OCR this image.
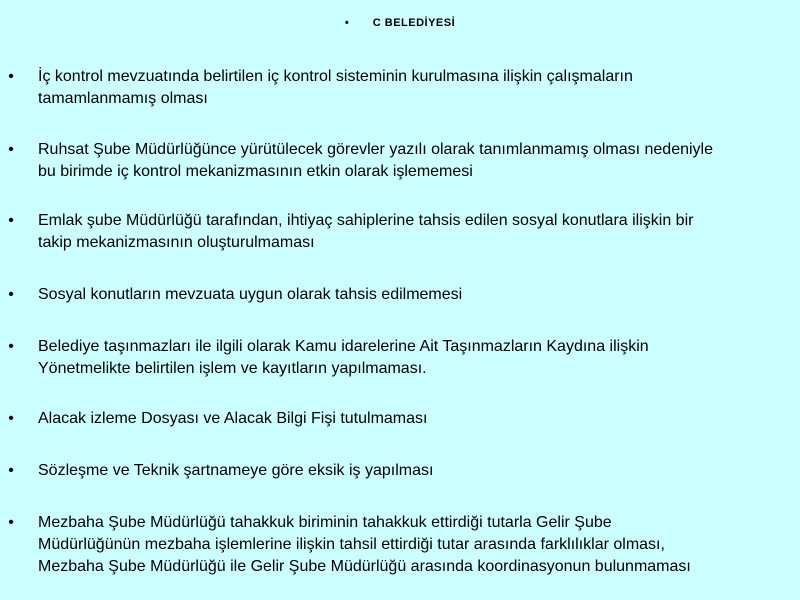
• C BELEDİYESİ
• İç kontrol mevzuatında belirtilen iç kontrol sisteminin kurulmasına ilişkin çalışmaların
tamamlanmamış olması
• Ruhsat Şube Müdürlüğünce yürütülecek görevler yazılı olarak tanımlanmamış olması nedeniyle
bu birimde iç kontrol mekanizmasının etkin olarak işlememesi
• Emlak şube Müdürlüğü tarafından, ihtiyaç sahiplerine tahsis edilen sosyal konutlara ilişkin bir
takip mekanizmasının oluşturulmaması
• Sosyal konutların mevzuata uygun olarak tahsis edilmemesi
• Belediye taşınmazları ile ilgili olarak Kamu idarelerine Ait Taşınmazların Kaydına ilişkin
Yönetmelikte belirtilen işlem ve kayıtların yapılmaması.
• Alacak izleme Dosyası ve Alacak Bilgi Fişi tutulmaması
• Sözleşme ve Teknik şartnameye göre eksik iş yapılması
• Mezbaha Şube Müdürlüğü tahakkuk biriminin tahakkuk ettirdiği tutarla Gelir Şube
Müdürlüğünün mezbaha işlemlerine ilişkin tahsil ettirdiği tutar arasında farklılıklar olması,
Mezbaha Şube Müdürlüğü ile Gelir Şube Müdürlüğü arasında koordinasyonun bulunmaması
